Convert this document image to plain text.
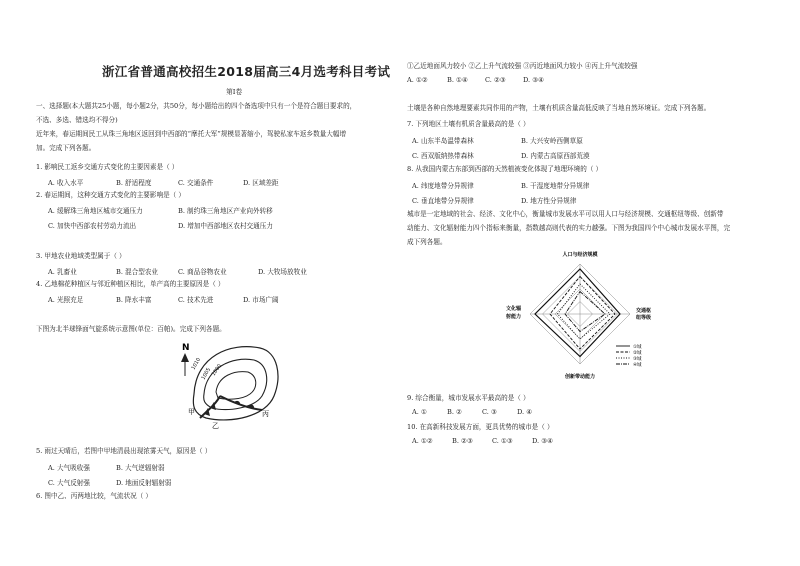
浙江省普通高校招生2018届高三4月选考科目考试
第Ⅰ卷
一、选择题(本大题共25小题，每小题2分，共50分，每小题给出的四个备选项中只有一个是符合题目要求的，
不选、多选、错选均不得分)
近年来，春运期间民工从珠三角地区返回到中西部的“摩托大军”规模显著缩小，驾驶私家车返乡数量大幅增
加。完成下列各题。
1. 影响民工返乡交通方式变化的主要因素是（ ）
A. 收入水平	B. 舒适程度	C. 交通条件	D. 区域差距
2. 春运期间，这种交通方式变化的主要影响是（ ）
A. 缓解珠三角地区城市交通压力	B. 制约珠三角地区产业向外转移
C. 加快中西部农村劳动力流出	D. 增加中西部地区农村交通压力
3. 甲地农业地域类型属于（ ）
A. 乳畜业	B. 混合型农业	C. 商品谷物农业	D. 大牧场放牧业
4. 乙地棉花种植区与邻近种植区相比，单产高的主要原因是（ ）
A. 光照充足	B. 降水丰富	C. 技术先进	D. 市场广阔
下图为北半球锋面气旋系统示意图(单位：百帕)。完成下列各题。
N
1010
1005
1000
甲
乙
丙
5. 雨过天晴后，若图中甲地清晨出现浓雾天气，原因是（ ）
A. 大气吸收强	B. 大气逆辐射弱
C. 大气反射强	D. 地面反射辐射弱
6. 图中乙、丙两地比较，气流状况（ ）
①乙近地面风力较小 ②乙上升气流较强 ③丙近地面风力较小 ④丙上升气流较强
A. ①②	B. ①④	C. ②③	D. ③④
土壤是各种自然地理要素共同作用的产物，土壤有机质含量高低反映了当地自然环境证。完成下列各题。
7. 下列地区土壤有机质含量最高的是（ ）
A. 山东半岛温带森林	B. 大兴安岭西侧草原
C. 西双版纳热带森林	D. 内蒙古高原西部荒漠
8. 从我国内蒙古东部到西部的天然植被变化体现了地理环境的（ ）
A. 纬度地带分异规律	B. 干湿度地带分异规律
C. 垂直地带分异规律	D. 地方性分异规律
城市是一定地域的社会、经济、文化中心，衡量城市发展水平可以用人口与经济规模、交通枢纽等级、创新带
动能力、文化辐射能力四个指标来衡量，指数越高则代表的实力越强。下图为我国四个中心城市发展水平图，完
成下列各题。
人口与经济规模
交通枢
纽等级
创新带动能力
文化辐
射能力
①城
②城
③城
④城
9. 综合衡量，城市发展水平最高的是（ ）
A. ①	B. ②	C. ③	D. ④
10. 在高新科技发展方面，更具优势的城市是（ ）
A. ①②	B. ②③	C. ①③	D. ③④
